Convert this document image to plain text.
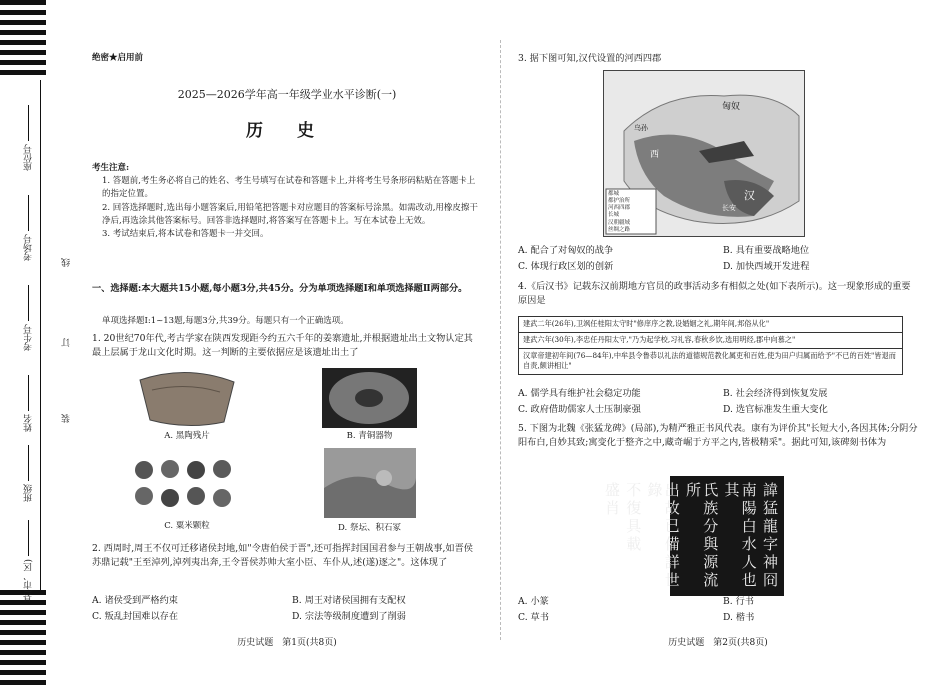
座位号
考场号
考生号
姓名
班级
县(市、区)
线
订
装
绝密★启用前
2025—2026学年高一年级学业水平诊断(一)
历 史
考生注意:

1. 答题前,考生务必将自己的姓名、考生号填写在试卷和答题卡上,并将考生号条形码粘贴在答题卡上的指定位置。

2. 回答选择题时,选出每小题答案后,用铅笔把答题卡对应题目的答案标号涂黑。如需改动,用橡皮擦干净后,再选涂其他答案标号。回答非选择题时,将答案写在答题卡上。写在本试卷上无效。

3. 考试结束后,将本试卷和答题卡一并交回。

一、选择题:本大题共15小题,每小题3分,共45分。分为单项选择题Ⅰ和单项选择题Ⅱ两部分。
单项选择题Ⅰ:1~13题,每题3分,共39分。每题只有一个正确选项。
1. 20世纪70年代,考古学家在陕西发现距今约五六千年的姜寨遗址,并根据遗址出土文物认定其最上层属于龙山文化时期。这一判断的主要依据应是该遗址出土了
A. 黑陶残片	B. 青铜器物
C. 粟米颗粒	D. 祭坛、积石冢
2. 西周时,周王不仅可迁移诸侯封地,如"令唐伯侯于晋",还可指挥封国国君参与王朝战事,如晋侯苏鼎记载"王至淖列,淖列夷出奔,王令晋侯苏帅大室小臣、车仆从,述(遂)逐之"。这体现了
A. 诸侯受到严格约束	B. 周王对诸侯国拥有支配权
C. 叛乱封国难以存在	D. 宗法等级制度遭到了削弱
历史试题　第1页(共8页)
3. 据下图可知,汉代设置的河西四郡
匈奴
西
汉
长安
乌孙
都城
都护治所
河西四郡
长城
汉朝疆域
丝绸之路
A. 配合了对匈奴的战争	B. 具有重要战略地位
C. 体现行政区划的创新	D. 加快西域开发进程
4.《后汉书》记载东汉前期地方官员的政事活动多有相似之处(如下表所示)。这一现象形成的重要原因是
建武二年(26年),卫飒任桂阳太守时"修庠序之教,设婚姻之礼,期年间,邦俗从化"
建武六年(30年),李忠任丹阳太守,"乃为起学校,习礼容,春秋乡饮,选用明经,郡中向慕之"
汉章帝建初年间(76—84年),中牟县令鲁恭以礼法的道德规范教化属吏和百姓,使为田户归属而给予"不已的百姓"皆退而自责,颇讲相让"
A. 儒学具有维护社会稳定功能	B. 社会经济得到恢复发展
C. 政府借助儒家人士压制豪强	D. 选官标准发生重大变化
5. 下图为北魏《张猛龙碑》(局部),为精严雅正书风代表。康有为评价其"长短大小,各因其体;分阴分阳布白,自妙其致;寓变化于整齐之中,藏奇崛于方平之内,皆极精采"。据此可知,该碑刻书体为
諱猛龍字神冏
南陽白水人也其
氏族分與源流所
出故已備詳世錄
不復具載
盛肖
A. 小篆	B. 行书
C. 草书	D. 楷书
历史试题　第2页(共8页)
